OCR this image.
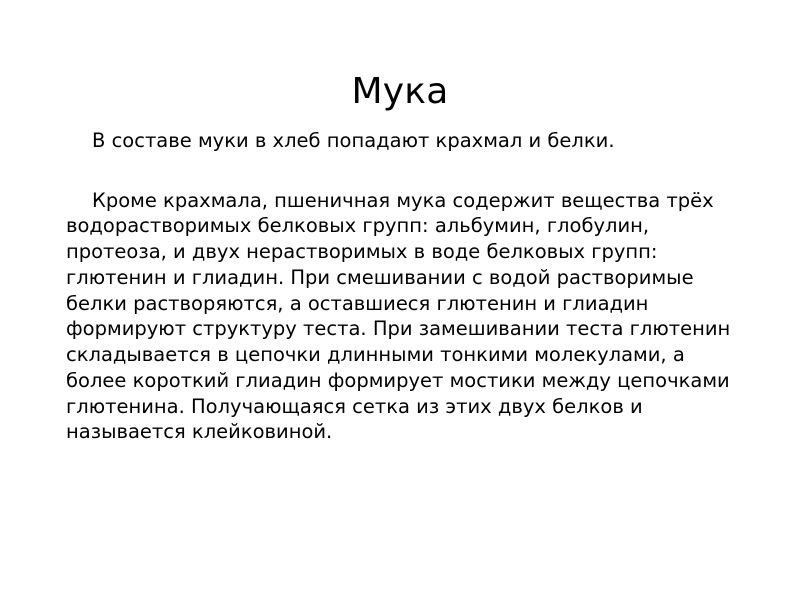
Мука

В составе муки в хлеб попадают крахмал и белки.

Кроме крахмала, пшеничная мука содержит вещества трёх водорастворимых белковых групп: альбумин, глобулин, протеоза, и двух нерастворимых в воде белковых групп: глютенин и глиадин. При смешивании с водой растворимые белки растворяются, а оставшиеся глютенин и глиадин формируют структуру теста. При замешивании теста глютенин складывается в цепочки длинными тонкими молекулами, а более короткий глиадин формирует мостики между цепочками глютенина. Получающаяся сетка из этих двух белков и называется клейковиной.
